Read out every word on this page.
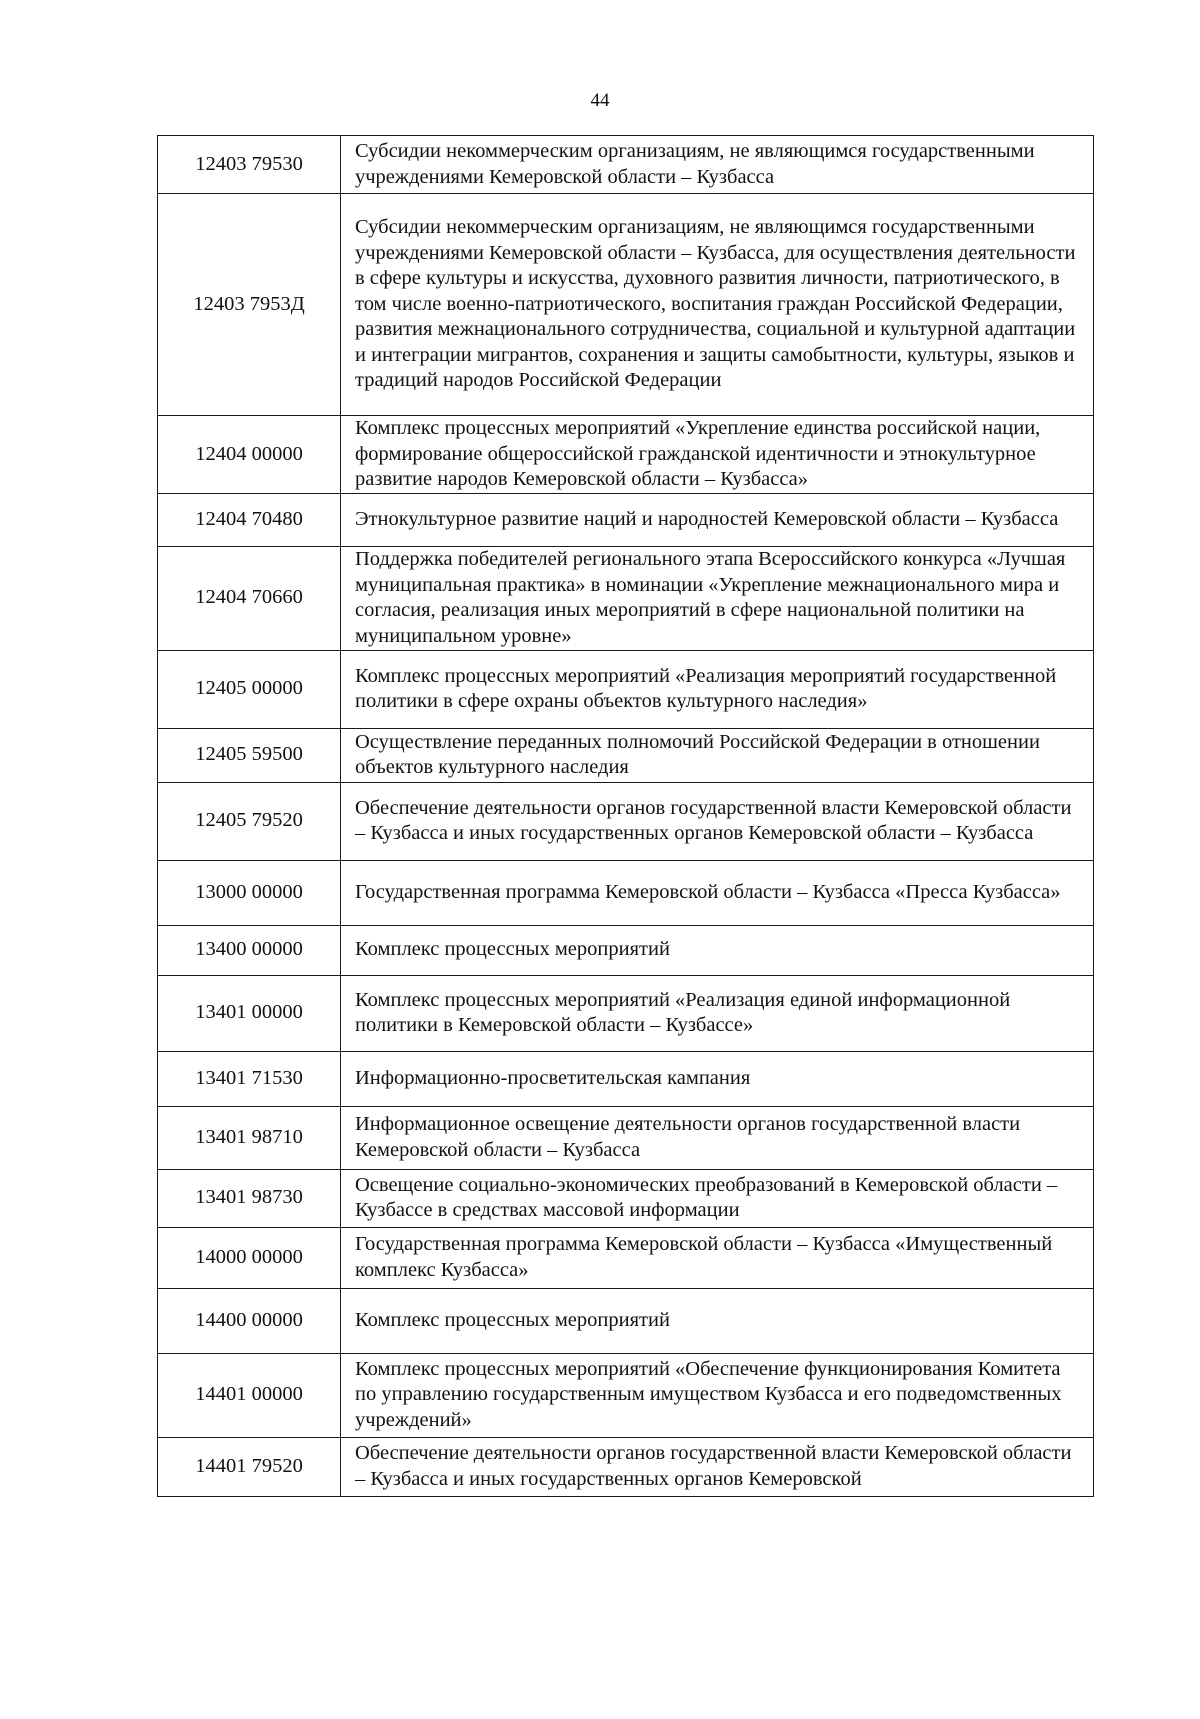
44
12403 79530	Субсидии некоммерческим организациям, не являющимся государственными учреждениями Кемеровской области – Кузбасса
12403 7953Д	Субсидии некоммерческим организациям, не являющимся государственными учреждениями Кемеровской области – Кузбасса, для осуществления деятельности в сфере культуры и искусства, духовного развития личности, патриотического, в том числе военно-патриотического, воспитания граждан Российской Федерации, развития межнационального сотрудничества, социальной и культурной адаптации и интеграции мигрантов, сохранения и защиты самобытности, культуры, языков и традиций народов Российской Федерации
12404 00000	Комплекс процессных мероприятий «Укрепление единства российской нации, формирование общероссийской гражданской идентичности и этнокультурное развитие народов Кемеровской области – Кузбасса»
12404 70480	Этнокультурное развитие наций и народностей Кемеровской области – Кузбасса
12404 70660	Поддержка победителей регионального этапа Всероссийского конкурса «Лучшая муниципальная практика» в номинации «Укрепление межнационального мира и согласия, реализация иных мероприятий в сфере национальной политики на муниципальном уровне»
12405 00000	Комплекс процессных мероприятий «Реализация мероприятий государственной политики в сфере охраны объектов культурного наследия»
12405 59500	Осуществление переданных полномочий Российской Федерации в отношении объектов культурного наследия
12405 79520	Обеспечение деятельности органов государственной власти Кемеровской области – Кузбасса и иных государственных органов Кемеровской области – Кузбасса
13000 00000	Государственная программа Кемеровской области – Кузбасса «Пресса Кузбасса»
13400 00000	Комплекс процессных мероприятий
13401 00000	Комплекс процессных мероприятий «Реализация единой информационной политики в Кемеровской области – Кузбассе»
13401 71530	Информационно-просветительская кампания
13401 98710	Информационное освещение деятельности органов государственной власти Кемеровской области – Кузбасса
13401 98730	Освещение социально-экономических преобразований в Кемеровской области – Кузбассе в средствах массовой информации
14000 00000	Государственная программа Кемеровской области – Кузбасса «Имущественный комплекс Кузбасса»
14400 00000	Комплекс процессных мероприятий
14401 00000	Комплекс процессных мероприятий «Обеспечение функционирования Комитета по управлению государственным имуществом Кузбасса и его подведомственных учреждений»
14401 79520	Обеспечение деятельности органов государственной власти Кемеровской области – Кузбасса и иных государственных органов Кемеровской
